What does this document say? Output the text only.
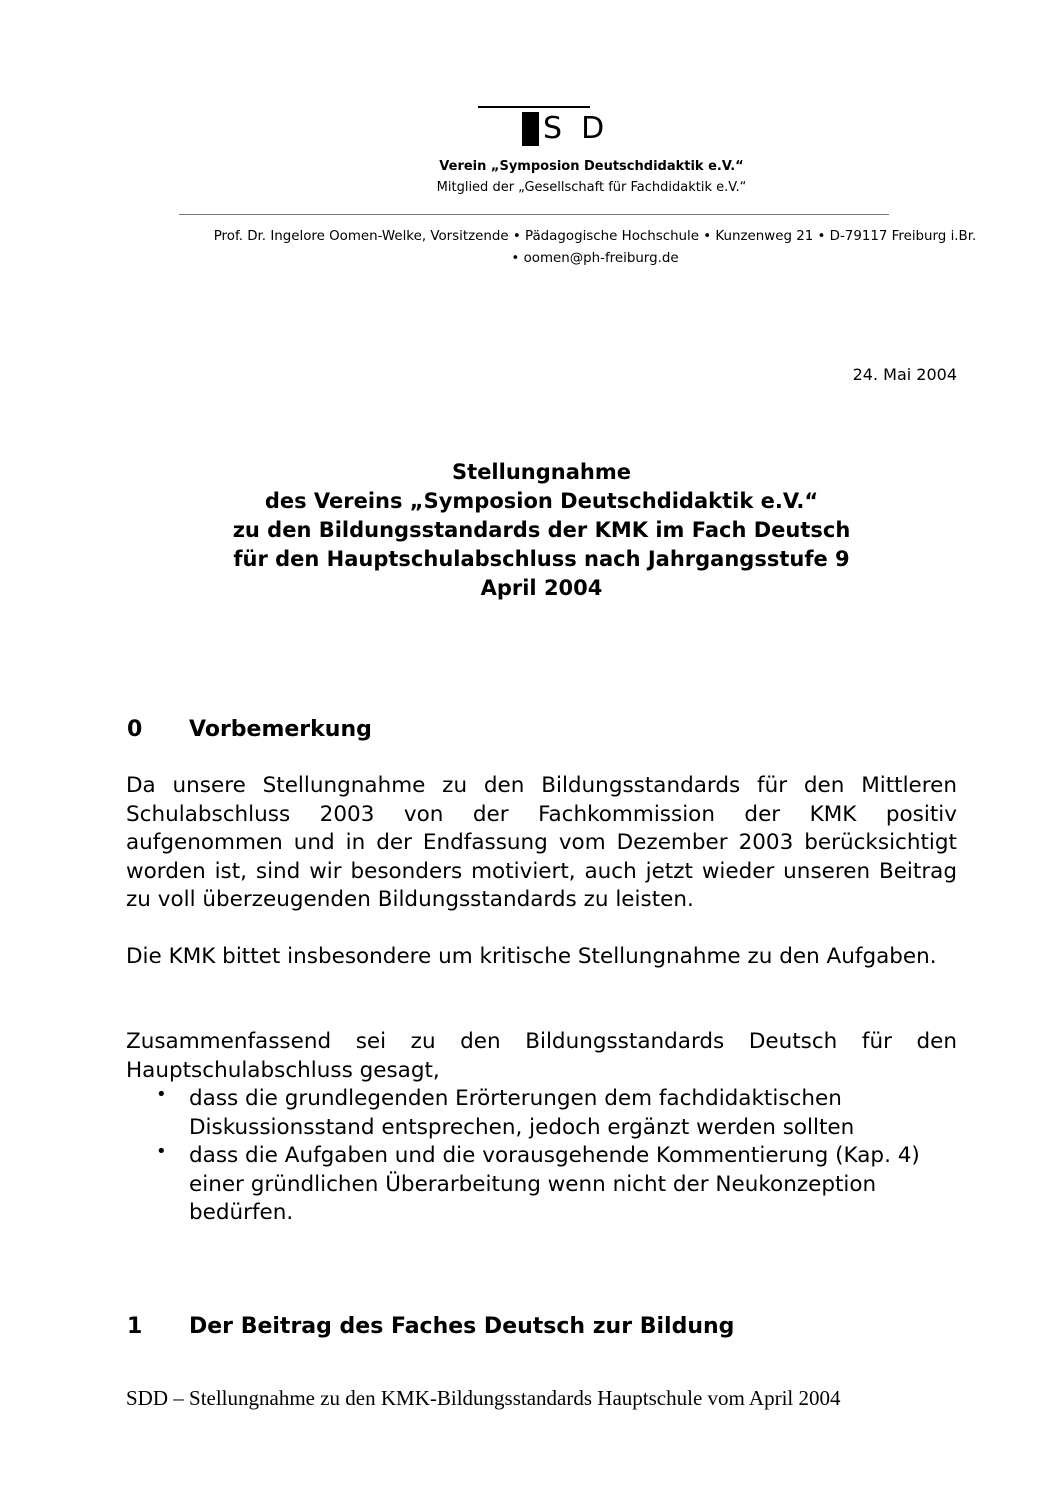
S  D
Verein „Symposion Deutschdidaktik e.V.“
Mitglied der „Gesellschaft für Fachdidaktik e.V.“
Prof. Dr. Ingelore Oomen-Welke, Vorsitzende • Pädagogische Hochschule • Kunzenweg 21 • D-79117 Freiburg i.Br.
• oomen@ph-freiburg.de
24. Mai 2004
Stellungnahme
des Vereins „Symposion Deutschdidaktik e.V.“
zu den Bildungsstandards der KMK im Fach Deutsch
für den Hauptschulabschluss nach Jahrgangsstufe 9
April 2004
0 Vorbemerkung
Da unsere Stellungnahme zu den Bildungsstandards für den Mittleren Schulabschluss 2003 von der Fachkommission der KMK positiv aufgenommen und in der Endfassung vom Dezember 2003 berücksichtigt worden ist, sind wir besonders motiviert, auch jetzt wieder unseren Beitrag zu voll überzeugenden Bildungsstandards zu leisten.
Die KMK bittet insbesondere um kritische Stellungnahme zu den Aufgaben.
Zusammenfassend sei zu den Bildungsstandards Deutsch für den Hauptschulabschluss gesagt,
• dass die grundlegenden Erörterungen dem fachdidaktischen Diskussionsstand entsprechen, jedoch ergänzt werden sollten
• dass die Aufgaben und die vorausgehende Kommentierung (Kap. 4) einer gründlichen Überarbeitung wenn nicht der Neukonzeption bedürfen.
1 Der Beitrag des Faches Deutsch zur Bildung
SDD – Stellungnahme zu den KMK-Bildungsstandards Hauptschule vom April 2004
